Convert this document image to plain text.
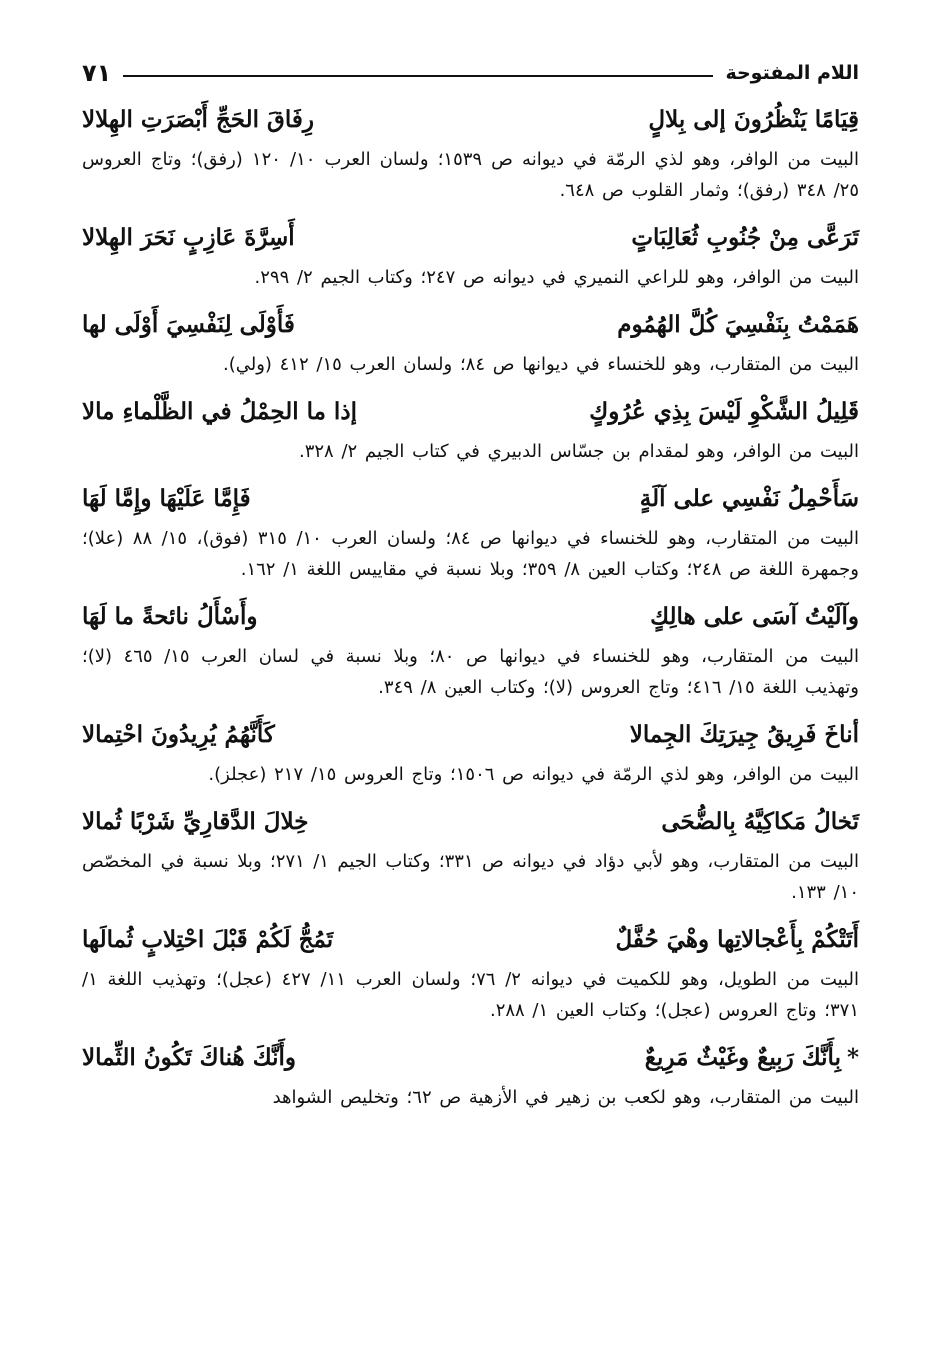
اللام المفتوحة
٧١
قِيَامًا يَنْظُرُونَ إلى بِلالٍ
رِفَاقَ الحَجِّ أَبْصَرَتِ الهِلالا

البيت من الوافر، وهو لذي الرمّة في ديوانه ص ١٥٣٩؛ ولسان العرب ١٠/ ١٢٠ (رفق)؛ وتاج العروس ٢٥/ ٣٤٨ (رفق)؛ وثمار القلوب ص ٦٤٨.

تَرَعَّى مِنْ جُنُوبِ ثُعَالِبَاتٍ
أَسِرَّةَ عَازِبٍ نَحَرَ الهِلالا

البيت من الوافر، وهو للراعي النميري في ديوانه ص ٢٤٧؛ وكتاب الجيم ٢/ ٢٩٩.

هَمَمْتُ بِنَفْسِيَ كُلَّ الهُمُوم
فَأَوْلَى لِنَفْسِيَ أَوْلَى لها

البيت من المتقارب، وهو للخنساء في ديوانها ص ٨٤؛ ولسان العرب ١٥/ ٤١٢ (ولي).

قَلِيلُ الشَّكْوِ لَيْسَ بِذِي عُرُوكٍ
إذا ما الحِمْلُ في الظَّلْماءِ مالا

البيت من الوافر، وهو لمقدام بن جسّاس الدبيري في كتاب الجيم ٢/ ٣٢٨.

سَأَحْمِلُ نَفْسِي على آلَةٍ
فَإِمَّا عَلَيْهَا وإِمَّا لَهَا

البيت من المتقارب، وهو للخنساء في ديوانها ص ٨٤؛ ولسان العرب ١٠/ ٣١٥ (فوق)، ١٥/ ٨٨ (علا)؛ وجمهرة اللغة ص ٢٤٨؛ وكتاب العين ٨/ ٣٥٩؛ وبلا نسبة في مقاييس اللغة ١/ ١٦٢.

وآلَيْتُ آسَى على هالِكٍ
وأَسْأَلُ نائحةً ما لَهَا

البيت من المتقارب، وهو للخنساء في ديوانها ص ٨٠؛ وبلا نسبة في لسان العرب ١٥/ ٤٦٥ (لا)؛ وتهذيب اللغة ١٥/ ٤١٦؛ وتاج العروس (لا)؛ وكتاب العين ٨/ ٣٤٩.

أناخَ فَرِيقُ جِيرَتِكَ الجِمالا
كَأَنَّهُمُ يُرِيدُونَ احْتِمالا

البيت من الوافر، وهو لذي الرمّة في ديوانه ص ١٥٠٦؛ وتاج العروس ١٥/ ٢١٧ (عجلز).

تَخالُ مَكاكِيَّهُ بِالضُّحَى
خِلالَ الدَّقارِيِّ شَرْبًا ثُمالا

البيت من المتقارب، وهو لأبي دؤاد في ديوانه ص ٣٣١؛ وكتاب الجيم ١/ ٢٧١؛ وبلا نسبة في المخصّص ١٠/ ١٣٣.

أَتَتْكُمْ بِأَعْجالاتِها وهْيَ حُفَّلٌ
تَمُجُّ لَكُمْ قَبْلَ احْتِلابٍ ثُمالَها

البيت من الطويل، وهو للكميت في ديوانه ٢/ ٧٦؛ ولسان العرب ١١/ ٤٢٧ (عجل)؛ وتهذيب اللغة ١/ ٣٧١؛ وتاج العروس (عجل)؛ وكتاب العين ١/ ٢٨٨.

*بِأَنَّكَ رَبِيعٌ وغَيْثٌ مَرِيعٌ
وأَنَّكَ هُناكَ تَكُونُ الثِّمالا

البيت من المتقارب، وهو لكعب بن زهير في الأزهية ص ٦٢؛ وتخليص الشواهد
